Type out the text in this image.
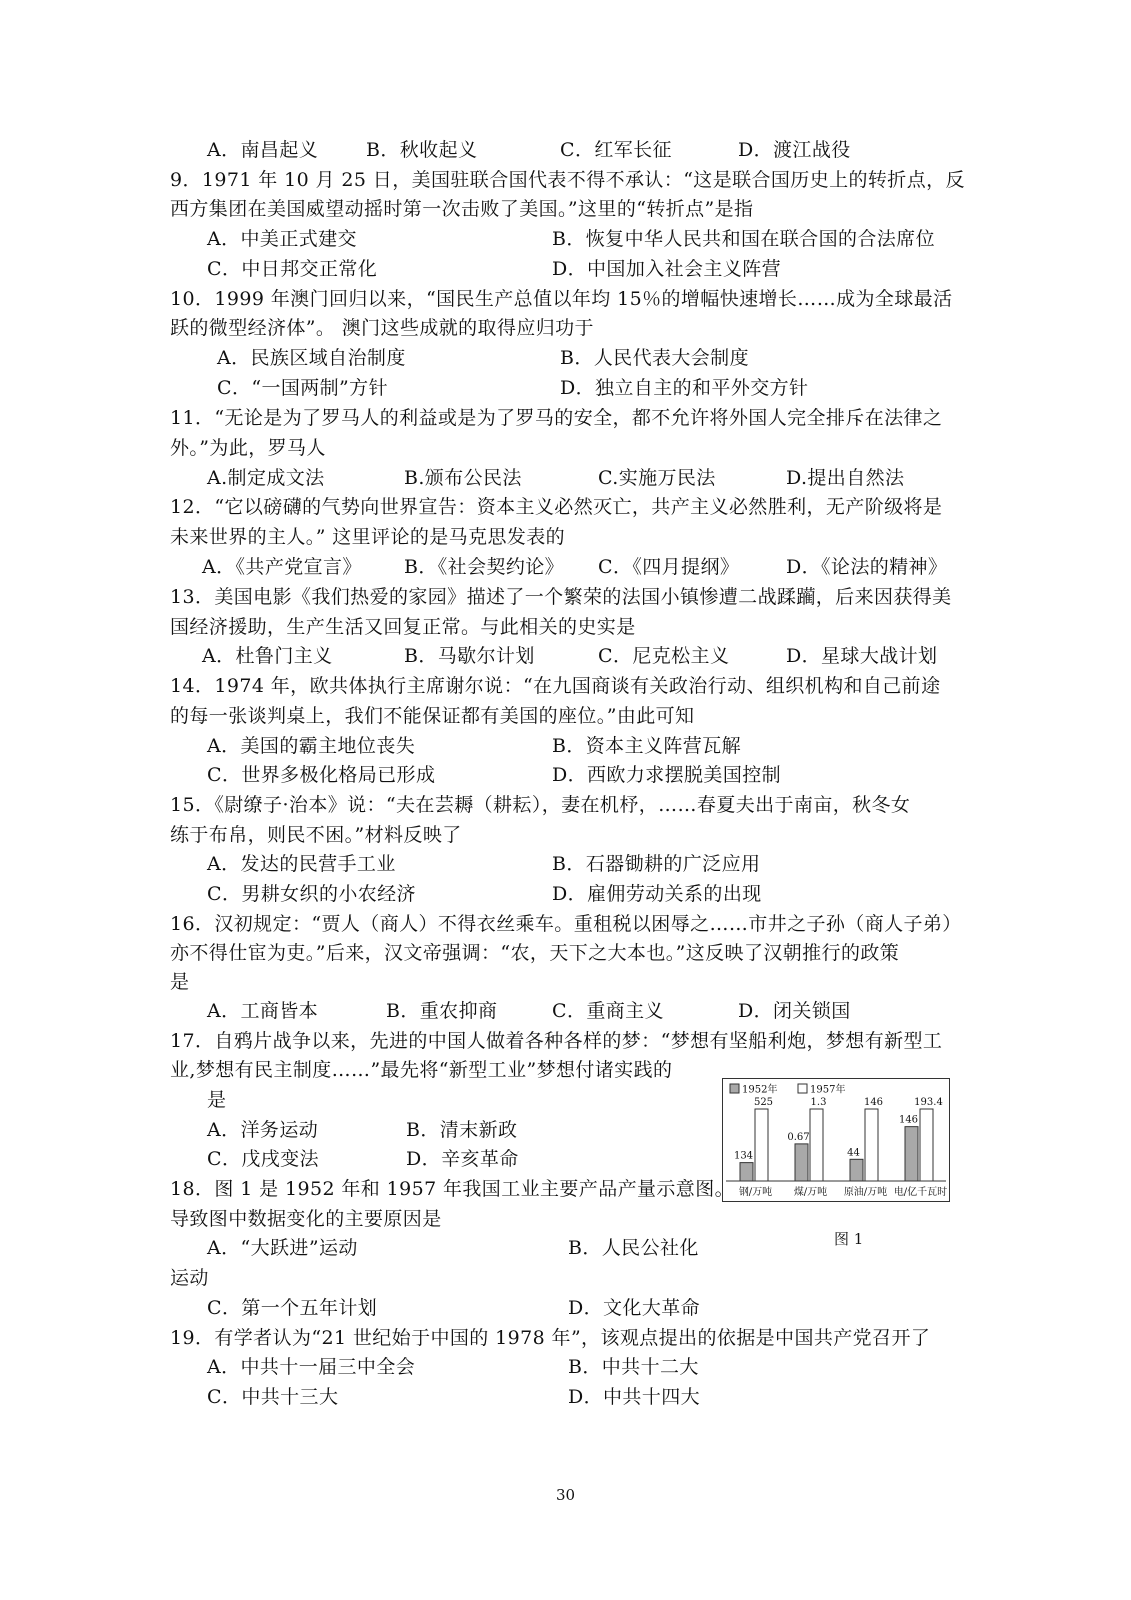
A．南昌起义	B．秋收起义	C．红军长征	D．渡江战役
9．1971 年 10 月 25 日，美国驻联合国代表不得不承认：“这是联合国历史上的转折点，反
西方集团在美国威望动摇时第一次击败了美国。”这里的“转折点”是指
A．中美正式建交	B．恢复中华人民共和国在联合国的合法席位
C．中日邦交正常化	D．中国加入社会主义阵营
10．1999 年澳门回归以来，“国民生产总值以年均 15％的增幅快速增长……成为全球最活
跃的微型经济体”。 澳门这些成就的取得应归功于
A．民族区域自治制度	B．人民代表大会制度
C．“一国两制”方针	D．独立自主的和平外交方针
11．“无论是为了罗马人的利益或是为了罗马的安全，都不允许将外国人完全排斥在法律之
外。”为此，罗马人
A.制定成文法	B.颁布公民法	C.实施万民法	D.提出自然法
12．“它以磅礴的气势向世界宣告：资本主义必然灭亡，共产主义必然胜利，无产阶级将是
未来世界的主人。” 这里评论的是马克思发表的
A．《共产党宣言》 B．《社会契约论》 C．《四月提纲》 D．《论法的精神》
13．美国电影《我们热爱的家园》描述了一个繁荣的法国小镇惨遭二战蹂躏，后来因获得美
国经济援助，生产生活又回复正常。与此相关的史实是
A．杜鲁门主义	B．马歇尔计划	C．尼克松主义	D．星球大战计划
14．1974 年，欧共体执行主席谢尔说：“在九国商谈有关政治行动、组织机构和自己前途
的每一张谈判桌上，我们不能保证都有美国的座位。”由此可知
A．美国的霸主地位丧失	B．资本主义阵营瓦解
C．世界多极化格局已形成	D．西欧力求摆脱美国控制
15．《尉缭子·治本》说：“夫在芸耨（耕耘），妻在机杼，……春夏夫出于南亩，秋冬女
练于布帛，则民不困。”材料反映了
A．发达的民营手工业	B．石器锄耕的广泛应用
C．男耕女织的小农经济	D．雇佣劳动关系的出现
16．汉初规定：“贾人（商人）不得衣丝乘车。重租税以困辱之……市井之子孙（商人子弟）
亦不得仕宦为吏。”后来，汉文帝强调：“农，天下之大本也。”这反映了汉朝推行的政策
是
A．工商皆本	B．重农抑商	C．重商主义	D．闭关锁国
17．自鸦片战争以来，先进的中国人做着各种各样的梦：“梦想有坚船利炮，梦想有新型工
业,梦想有民主制度……”最先将“新型工业”梦想付诸实践的
是
A．洋务运动	B．清末新政
C．戊戌变法	D．辛亥革命
1952年	1957年
134
525
0.67
1.3
44
146
146
193.4
钢/万吨 煤/万吨 原油/万吨 电/亿千瓦时
图 1
18．图 1 是 1952 年和 1957 年我国工业主要产品产量示意图。
导致图中数据变化的主要原因是
A．“大跃进”运动	B．人民公社化
运动
C．第一个五年计划	D．文化大革命
19．有学者认为“21 世纪始于中国的 1978 年”，该观点提出的依据是中国共产党召开了
A．中共十一届三中全会	B．中共十二大
C．中共十三大	D．中共十四大
30
